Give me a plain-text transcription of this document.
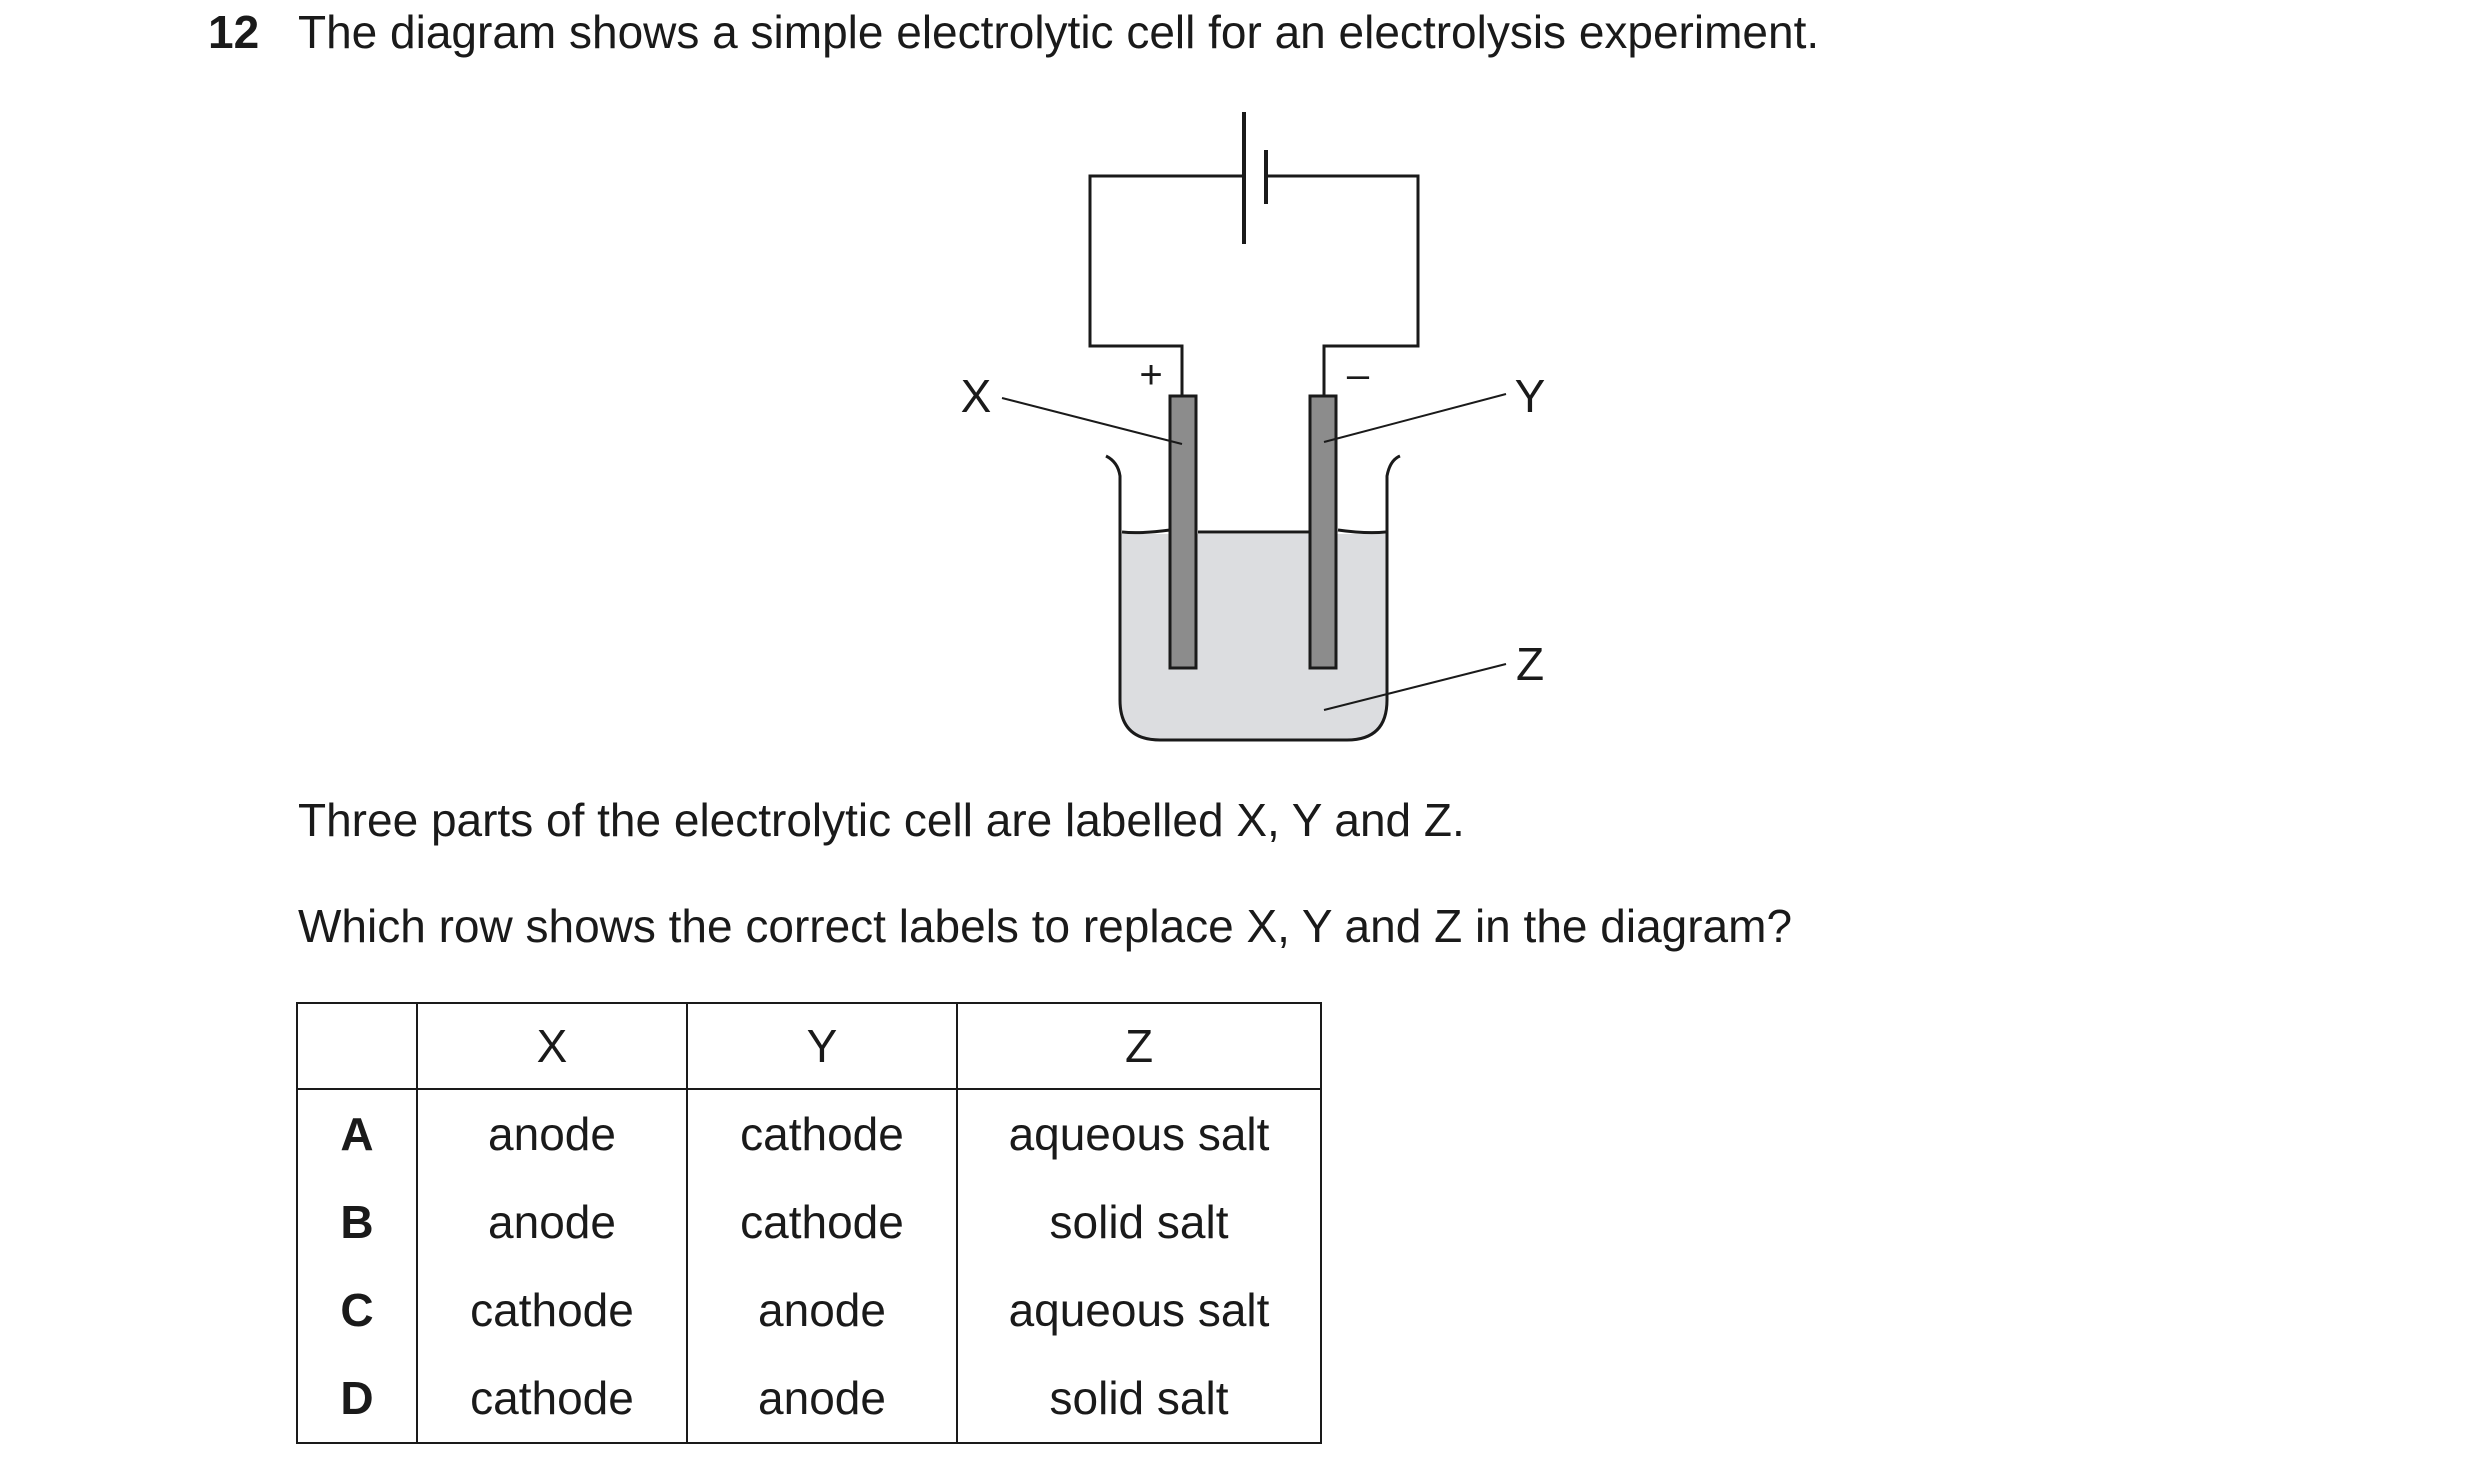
12 The diagram shows a simple electrolytic cell for an electrolysis experiment.
+	–
X	Y
Z
Three parts of the electrolytic cell are labelled X, Y and Z.
Which row shows the correct labels to replace X, Y and Z in the diagram?
	X	Y	Z
A	anode	cathode	aqueous salt
B	anode	cathode	solid salt
C	cathode	anode	aqueous salt
D	cathode	anode	solid salt
